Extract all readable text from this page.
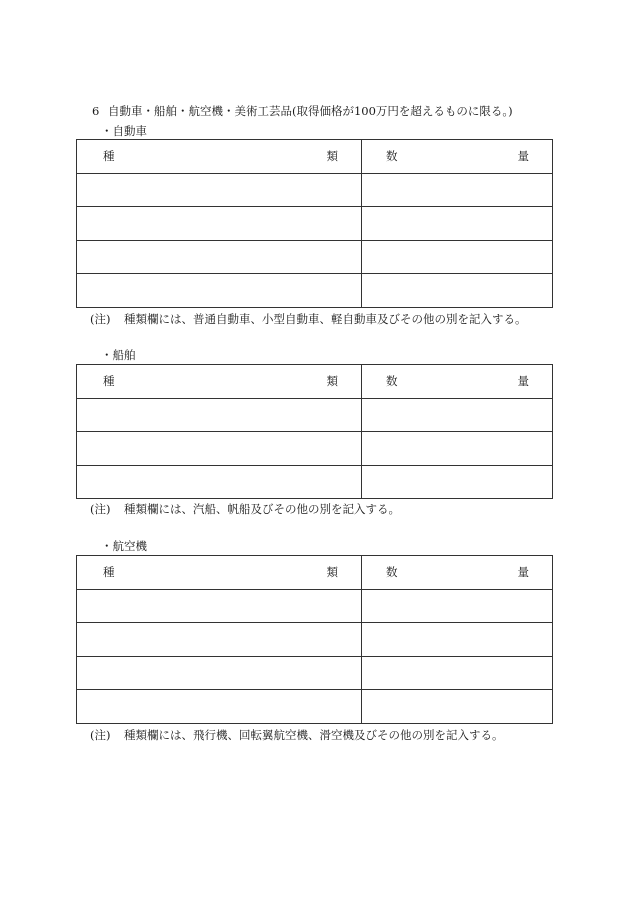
6 自動車・船舶・航空機・美術工芸品(取得価格が100万円を超えるものに限る。)
・自動車
種 類	数 量

(注) 種類欄には、普通自動車、小型自動車、軽自動車及びその他の別を記入する。
・船舶
種 類	数 量

(注) 種類欄には、汽船、帆船及びその他の別を記入する。
・航空機
種 類	数 量

(注) 種類欄には、飛行機、回転翼航空機、滑空機及びその他の別を記入する。
